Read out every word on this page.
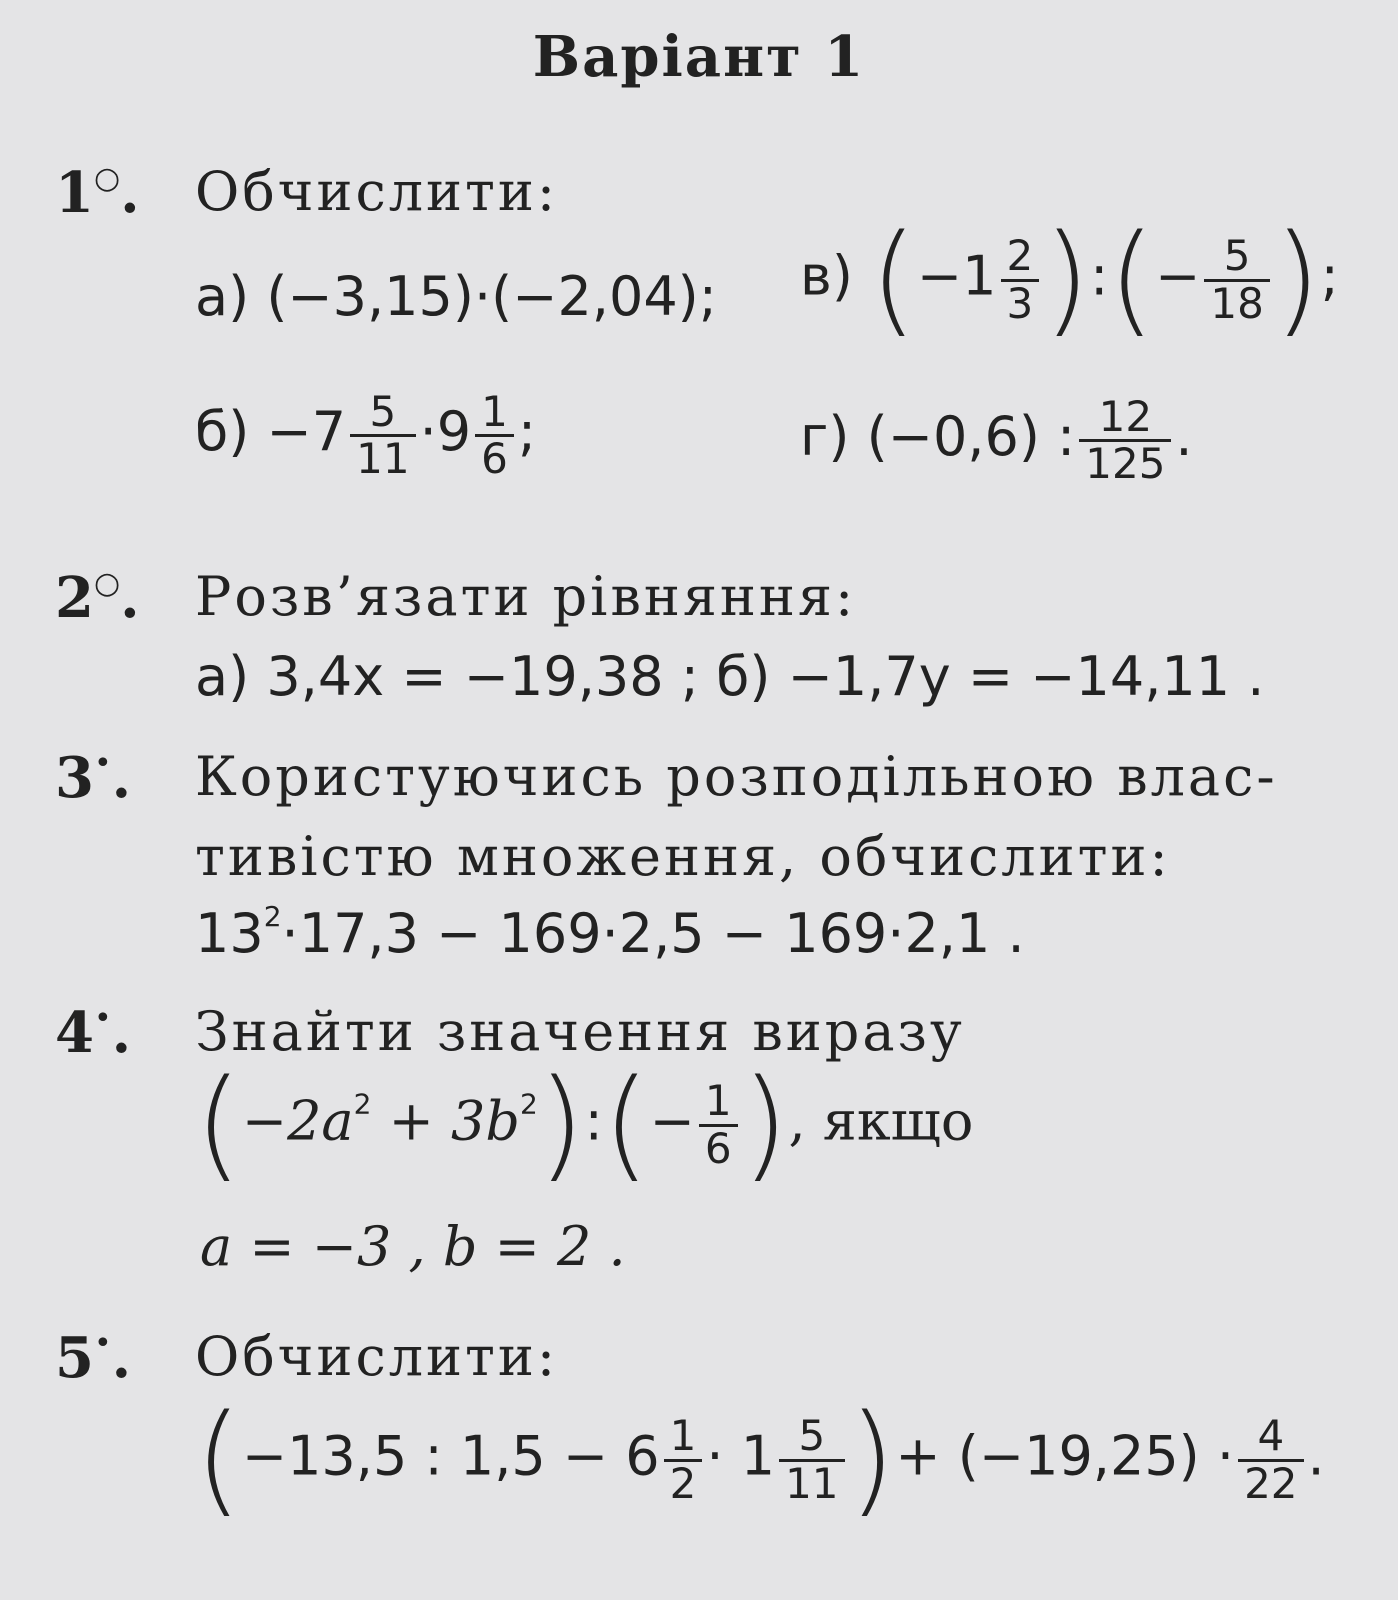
Варіант 1
1○. Обчислити:
а) (−3,15)·(−2,04); в) ($-1 \frac{2}{3}$ ):(− $\frac{5}{18}$ );
$б) -7 \frac{5}{11} \cdot 9 \frac{1}{6}$ ;	г) (−0,6) : $\frac{12}{125}$ .
2○. Розв’язати рівняння:
а) 3,4x = −19,38 ; б) −1,7y = −14,11 .
3•. Користуючись розподільною влас-
тивістю множення, обчислити:
$13^2\cdot 17,3 - 169\cdot 2,5 - 169\cdot 2,1$ .
4•. Знайти значення виразу
($-2a^2$ + $3b^2):(- \frac{1}{6}$ ), якщо
a = −3 , b = 2 .
5•. Обчислити:
(−13,5 : $1,5 - 6 \frac{1}{2} \cdot 1 \frac{5}{11}$ )+ $(-19,25) \cdot \frac{4}{22}$ .
